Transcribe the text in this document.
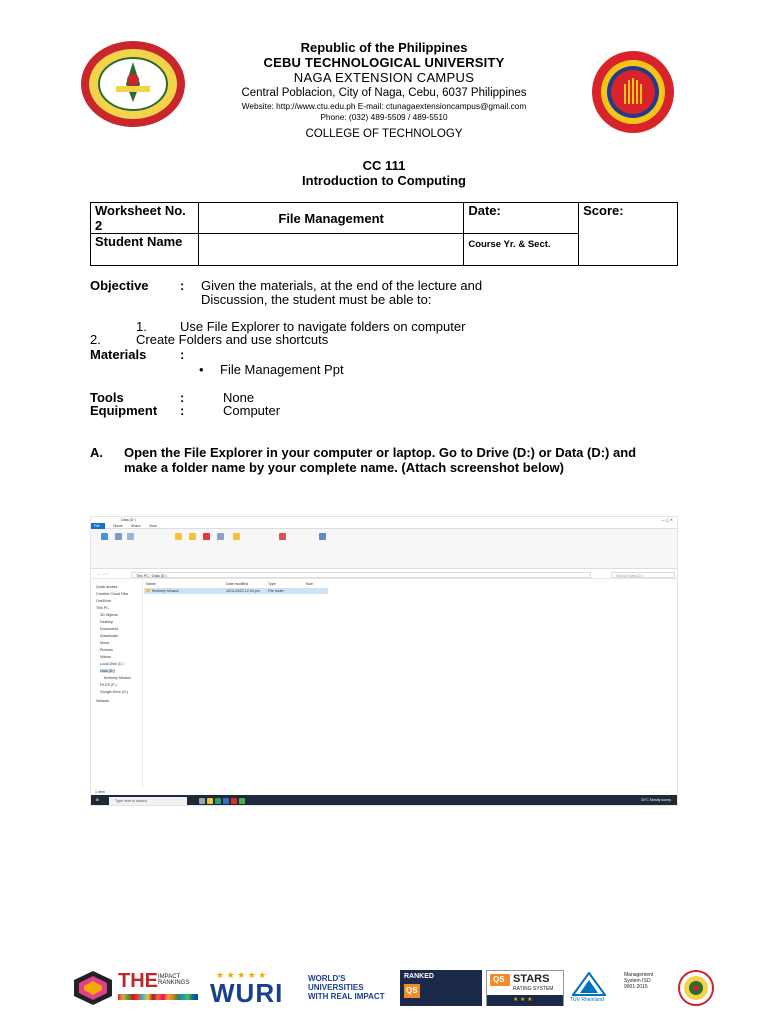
Republic of the Philippines
CEBU TECHNOLOGICAL UNIVERSITY
NAGA EXTENSION CAMPUS
Central Poblacion, City of Naga, Cebu, 6037 Philippines
Website: http://www.ctu.edu.ph E-mail: ctunagaextensioncampus@gmail.com
Phone: (032) 489-5509 / 489-5510
COLLEGE OF TECHNOLOGY
CC 111
Introduction to Computing
Worksheet No. 2	File Management	Date:	Score:
Student Name		Course Yr. & Sect.	
Objective : Given the materials, at the end of the lecture and
Discussion, the student must be able to:
1.	Use File Explorer to navigate folders on computer
2.	Create Folders and use shortcuts
Materials	:
• File Management Ppt
Tools	:	None
Equipment :	Computer
A. Open the File Explorer in your computer or laptop. Go to Drive (D:) or Data (D:) and
make a folder name by your complete name. (Attach screenshot below)
Data (D:)	— ▢ ✕
File	Home Share View
← → ↑	This PC › Data (D:)	Search Data (D:)
Quick access
Creative Cloud Files
OneDrive
This PC
3D Objects
Desktop
Documents
Downloads
Music
Pictures
Videos
Local Disk (C:)
Data (D:)
Kimberly Mirasol
FILES (F:)
Google Drive (G:)
Network
Name	Date modified	Type	Size
Kimberly Mirasol	10/11/2022 12:44 pm File folder
1 item
⊞	Type here to search	34°C Mostly sunny
THE IMPACT RANKINGS
★ ★ ★ ★ ★
WURI	WORLD'S
UNIVERSITIES
WITH REAL IMPACT
RANKED
QS
QS STARS
RATING SYSTEM
★ ★ ★	TÜV Rheinland
Management System ISO 9001:2015
